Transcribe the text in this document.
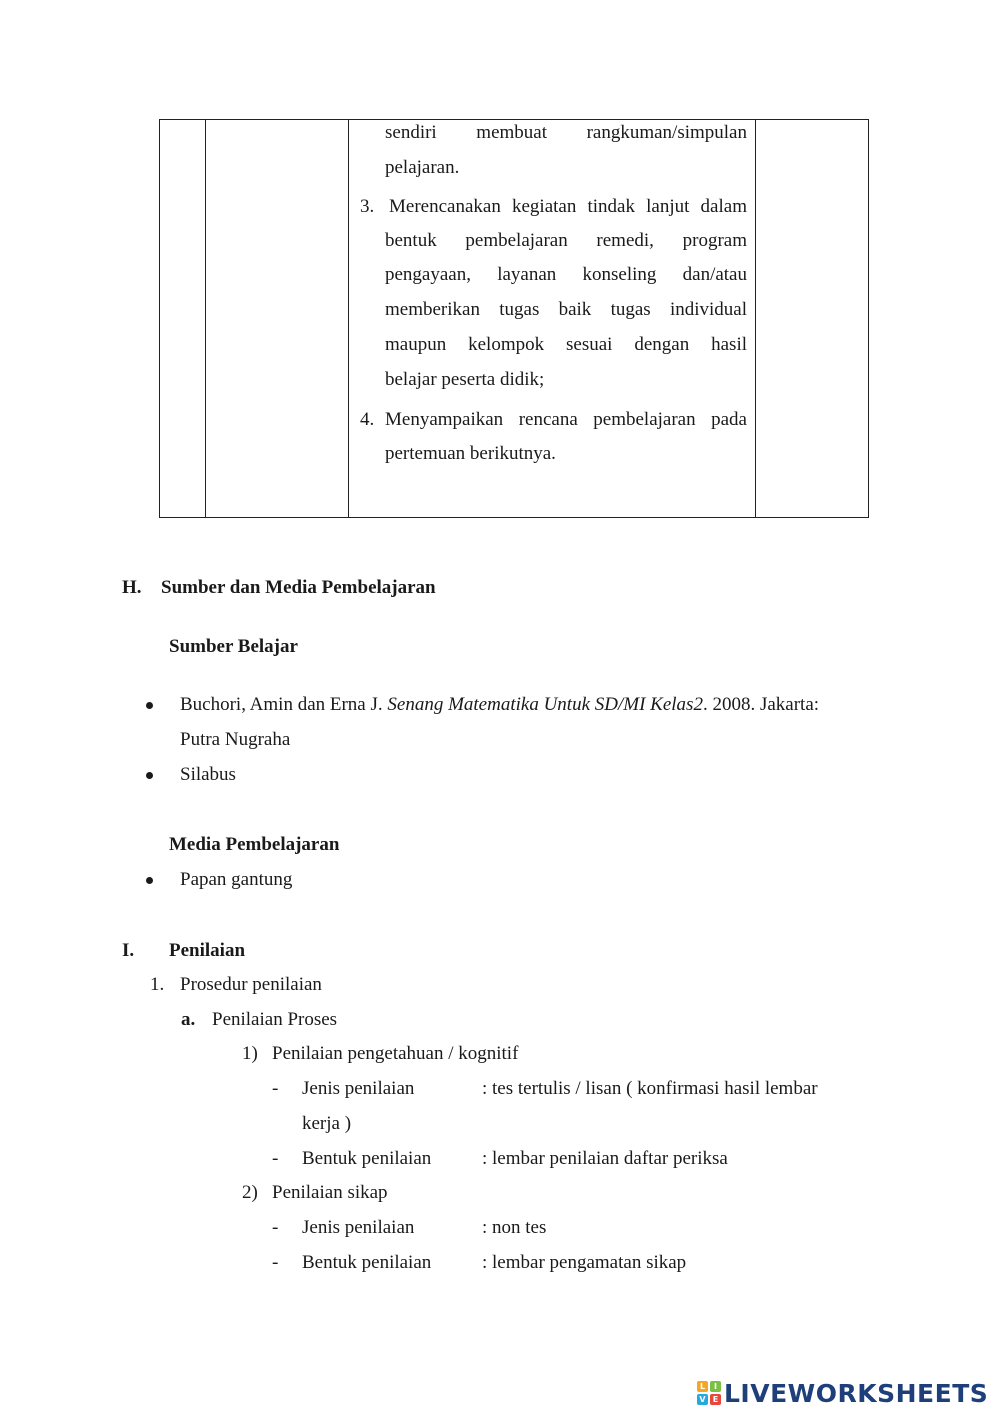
sendiri membuat rangkuman/simpulan
pelajaran.
3. Merencanakan kegiatan tindak lanjut dalam
bentuk pembelajaran remedi, program
pengayaan, layanan konseling dan/atau
memberikan tugas baik tugas individual
maupun kelompok sesuai dengan hasil
belajar peserta didik;
4. Menyampaikan rencana pembelajaran pada
pertemuan berikutnya.
H. Sumber dan Media Pembelajaran
Sumber Belajar
Buchori, Amin dan Erna J. Senang Matematika Untuk SD/MI Kelas2. 2008. Jakarta:
Putra Nugraha
Silabus
Media Pembelajaran
Papan gantung
I. Penilaian
1. Prosedur penilaian
a. Penilaian Proses
1) Penilaian pengetahuan / kognitif
- Jenis penilaian	: tes tertulis / lisan ( konfirmasi hasil lembar
kerja )
- Bentuk penilaian	: lembar penilaian daftar periksa
2) Penilaian sikap
- Jenis penilaian	: non tes
- Bentuk penilaian	: lembar pengamatan sikap
L	I
V E LIVEWORKSHEETS
